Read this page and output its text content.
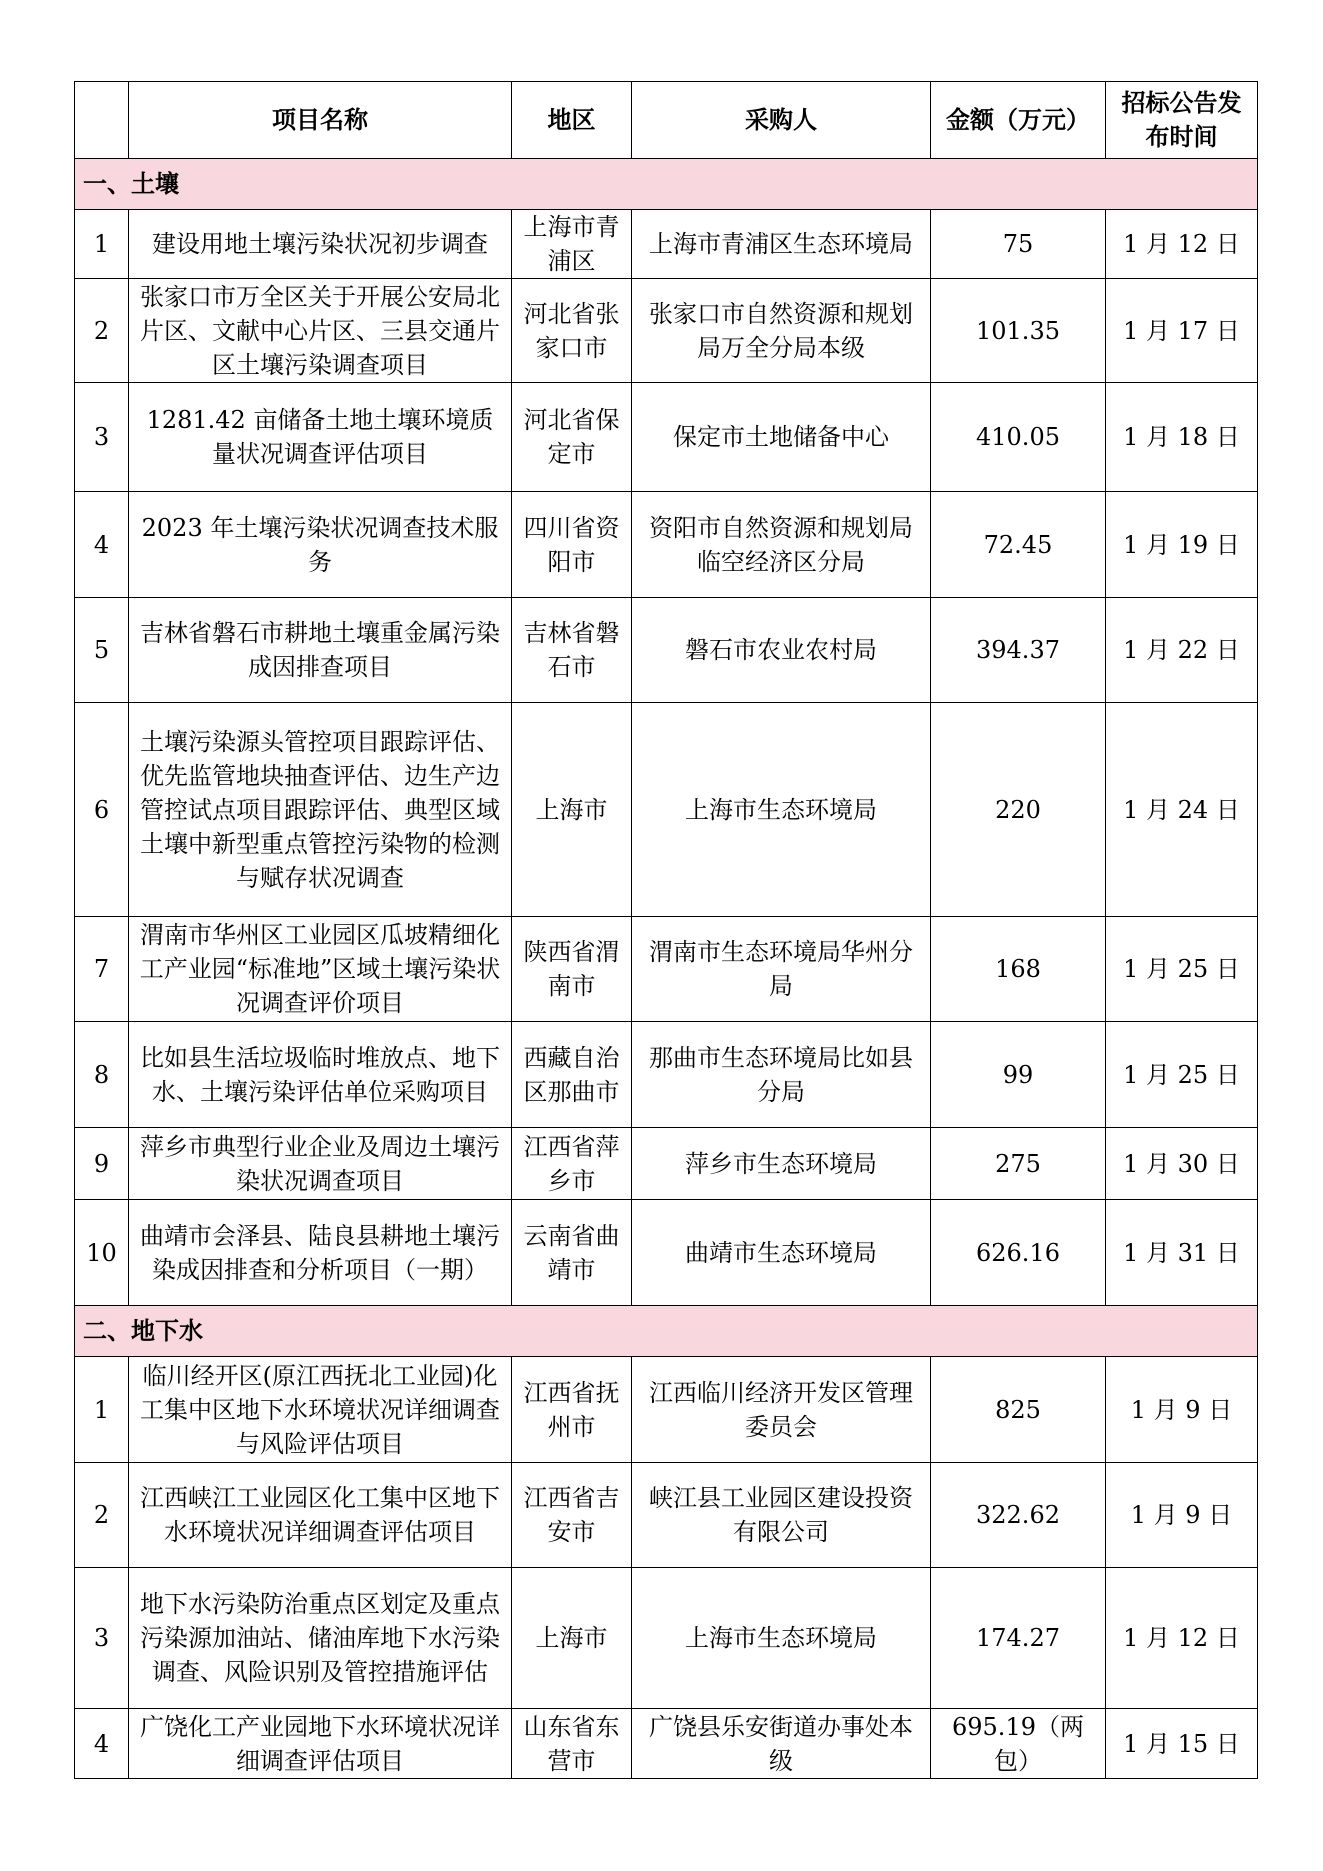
	项目名称	地区	采购人	金额（万元）	招标公告发布时间
一、土壤					
1	建设用地土壤污染状况初步调查	上海市青浦区	上海市青浦区生态环境局	75	1 月 12 日
2	张家口市万全区关于开展公安局北片区、文献中心片区、三县交通片区土壤污染调查项目	河北省张家口市	张家口市自然资源和规划局万全分局本级	101.35	1 月 17 日
3	1281.42 亩储备土地土壤环境质量状况调查评估项目	河北省保定市	保定市土地储备中心	410.05	1 月 18 日
4	2023 年土壤污染状况调查技术服务	四川省资阳市	资阳市自然资源和规划局临空经济区分局	72.45	1 月 19 日
5	吉林省磐石市耕地土壤重金属污染成因排查项目	吉林省磐石市	磐石市农业农村局	394.37	1 月 22 日
6	土壤污染源头管控项目跟踪评估、优先监管地块抽查评估、边生产边管控试点项目跟踪评估、典型区域土壤中新型重点管控污染物的检测与赋存状况调查	上海市	上海市生态环境局	220	1 月 24 日
7	渭南市华州区工业园区瓜坡精细化工产业园“标准地”区域土壤污染状况调查评价项目	陕西省渭南市	渭南市生态环境局华州分局	168	1 月 25 日
8	比如县生活垃圾临时堆放点、地下水、土壤污染评估单位采购项目	西藏自治区那曲市	那曲市生态环境局比如县分局	99	1 月 25 日
9	萍乡市典型行业企业及周边土壤污染状况调查项目	江西省萍乡市	萍乡市生态环境局	275	1 月 30 日
10	曲靖市会泽县、陆良县耕地土壤污染成因排查和分析项目（一期）	云南省曲靖市	曲靖市生态环境局	626.16	1 月 31 日
二、地下水					
1	临川经开区(原江西抚北工业园)化工集中区地下水环境状况详细调查与风险评估项目	江西省抚州市	江西临川经济开发区管理委员会	825	1 月 9 日
2	江西峡江工业园区化工集中区地下水环境状况详细调查评估项目	江西省吉安市	峡江县工业园区建设投资有限公司	322.62	1 月 9 日
3	地下水污染防治重点区划定及重点污染源加油站、储油库地下水污染调查、风险识别及管控措施评估	上海市	上海市生态环境局	174.27	1 月 12 日
4	广饶化工产业园地下水环境状况详细调查评估项目	山东省东营市	广饶县乐安街道办事处本级	695.19（两包）	1 月 15 日
